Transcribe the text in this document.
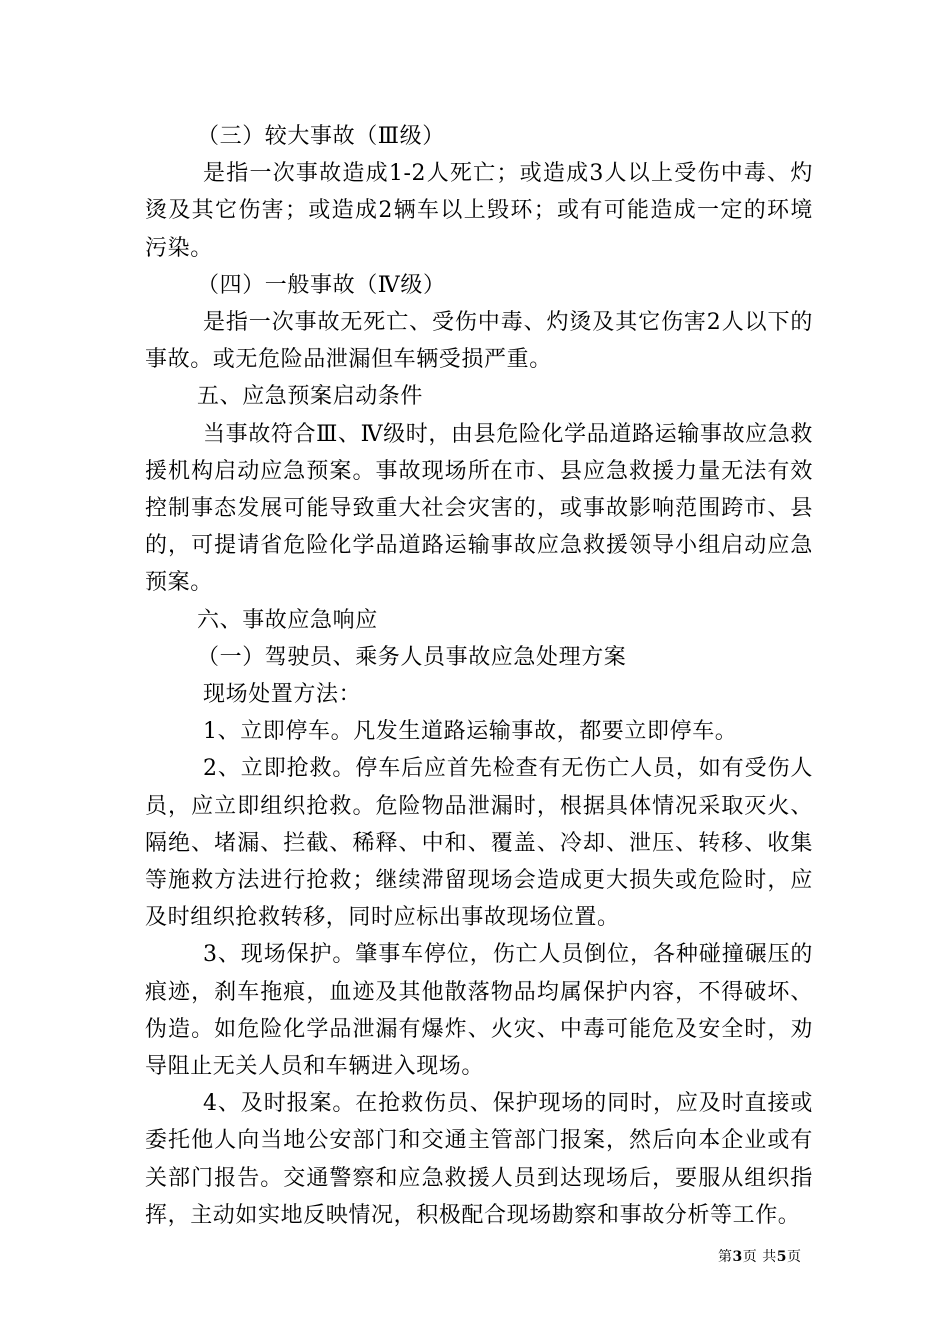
（三）较大事故（Ⅲ级）

是指一次事故造成1-2人死亡；或造成3人以上受伤中毒、灼烫及其它伤害；或造成2辆车以上毁环；或有可能造成一定的环境污染。

（四）一般事故（Ⅳ级）

是指一次事故无死亡、受伤中毒、灼烫及其它伤害2人以下的事故。或无危险品泄漏但车辆受损严重。

五、应急预案启动条件

当事故符合Ⅲ、Ⅳ级时，由县危险化学品道路运输事故应急救援机构启动应急预案。事故现场所在市、县应急救援力量无法有效控制事态发展可能导致重大社会灾害的，或事故影响范围跨市、县的，可提请省危险化学品道路运输事故应急救援领导小组启动应急预案。

六、事故应急响应

（一）驾驶员、乘务人员事故应急处理方案

现场处置方法：

1、立即停车。凡发生道路运输事故，都要立即停车。

2、立即抢救。停车后应首先检查有无伤亡人员，如有受伤人员，应立即组织抢救。危险物品泄漏时，根据具体情况采取灭火、隔绝、堵漏、拦截、稀释、中和、覆盖、冷却、泄压、转移、收集等施救方法进行抢救；继续滞留现场会造成更大损失或危险时，应及时组织抢救转移，同时应标出事故现场位置。

3、现场保护。肇事车停位，伤亡人员倒位，各种碰撞碾压的痕迹，刹车拖痕，血迹及其他散落物品均属保护内容，不得破坏、伪造。如危险化学品泄漏有爆炸、火灾、中毒可能危及安全时，劝导阻止无关人员和车辆进入现场。

4、及时报案。在抢救伤员、保护现场的同时，应及时直接或委托他人向当地公安部门和交通主管部门报案，然后向本企业或有关部门报告。交通警察和应急救援人员到达现场后，要服从组织指挥，主动如实地反映情况，积极配合现场勘察和事故分析等工作。

第3页 共5页
